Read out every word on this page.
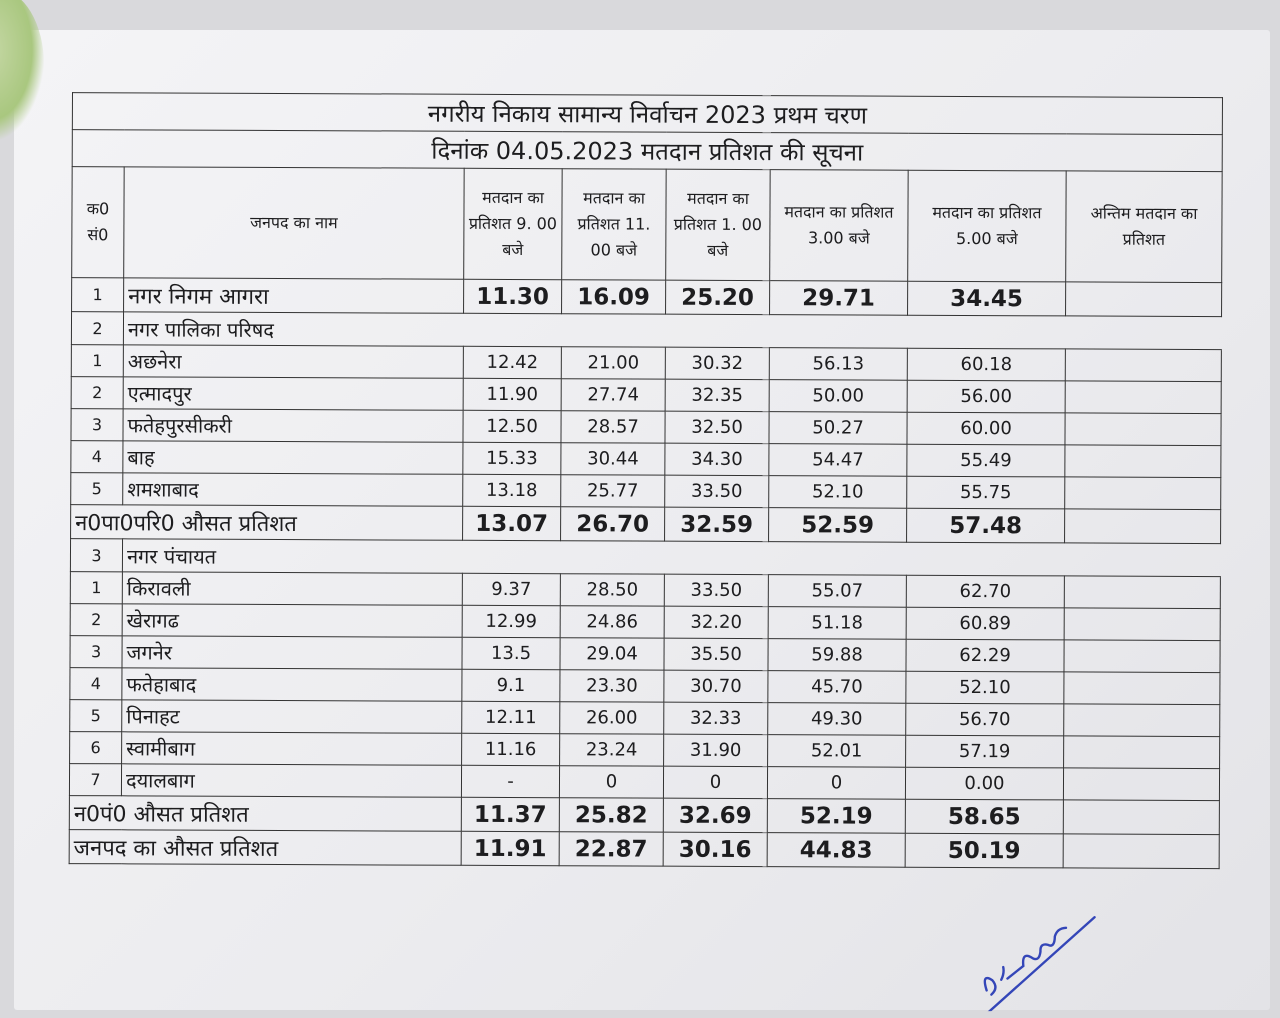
नगरीय निकाय सामान्य निर्वाचन 2023 प्रथम चरण							
दिनांक 04.05.2023 मतदान प्रतिशत की सूचना							
क0 सं0	जनपद का नाम	मतदान का प्रतिशत 9. 00 बजे	मतदान का प्रतिशत 11. 00 बजे	मतदान का प्रतिशत 1. 00 बजे	मतदान का प्रतिशत 3.00 बजे	मतदान का प्रतिशत 5.00 बजे	अन्तिम मतदान का प्रतिशत
1	नगर निगम आगरा	11.30	16.09	25.20	29.71	34.45	
2	नगर पालिका परिषद						
1	अछनेरा	12.42	21.00	30.32	56.13	60.18	
2	एत्मादपुर	11.90	27.74	32.35	50.00	56.00	
3	फतेहपुरसीकरी	12.50	28.57	32.50	50.27	60.00	
4	बाह	15.33	30.44	34.30	54.47	55.49	
5	शमशाबाद	13.18	25.77	33.50	52.10	55.75	
न0पा0परि0 औसत प्रतिशत		13.07	26.70	32.59	52.59	57.48	
3	नगर पंचायत						
1	किरावली	9.37	28.50	33.50	55.07	62.70	
2	खेरागढ	12.99	24.86	32.20	51.18	60.89	
3	जगनेर	13.5	29.04	35.50	59.88	62.29	
4	फतेहाबाद	9.1	23.30	30.70	45.70	52.10	
5	पिनाहट	12.11	26.00	32.33	49.30	56.70	
6	स्वामीबाग	11.16	23.24	31.90	52.01	57.19	
7	दयालबाग	-	0	0	0	0.00	
न0पं0 औसत प्रतिशत		11.37	25.82	32.69	52.19	58.65	
जनपद का औसत प्रतिशत		11.91	22.87	30.16	44.83	50.19	
